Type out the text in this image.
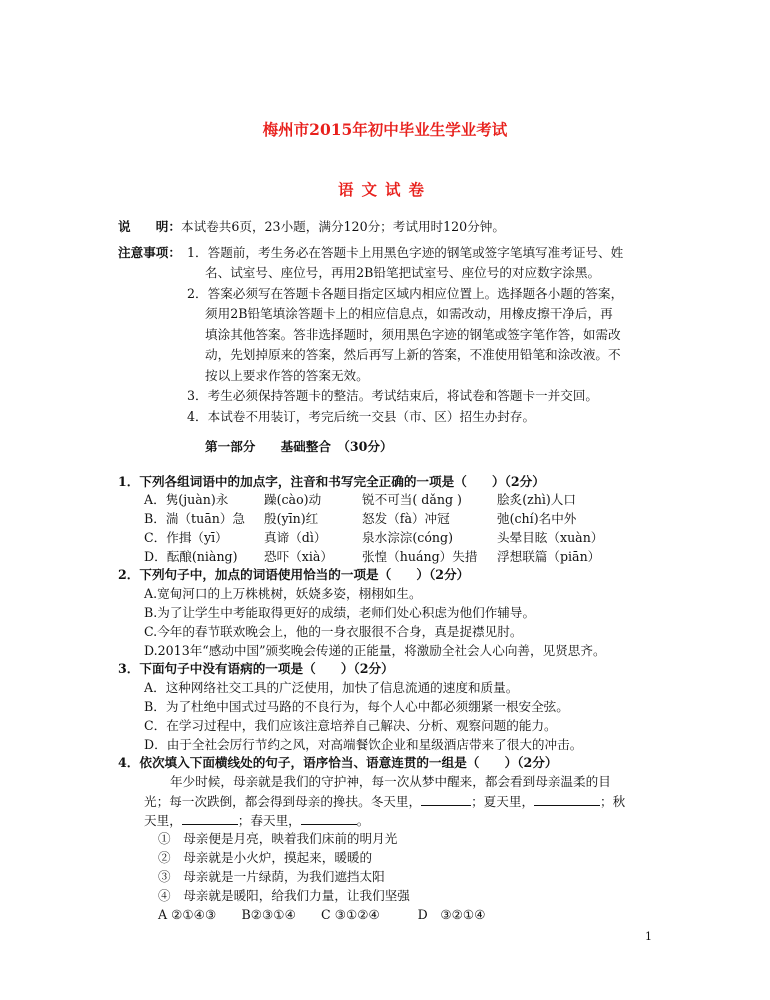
梅州市2015年初中毕业生学业考试
语文试卷
说　　明：本试卷共6页，23小题，满分120分；考试用时120分钟。
注意事项： 1．答题前，考生务必在答题卡上用黑色字迹的钢笔或签字笔填写准考证号、姓
名、试室号、座位号，再用2B铅笔把试室号、座位号的对应数字涂黑。
2．答案必须写在答题卡各题目指定区域内相应位置上。选择题各小题的答案，
须用2B铅笔填涂答题卡上的相应信息点，如需改动，用橡皮擦干净后，再
填涂其他答案。答非选择题时，须用黑色字迹的钢笔或签字笔作答，如需改
动，先划掉原来的答案，然后再写上新的答案，不准使用铅笔和涂改液。不
按以上要求作答的答案无效。
3．考生必须保持答题卡的整洁。考试结束后，将试卷和答题卡一并交回。
4．本试卷不用装订，考完后统一交县（市、区）招生办封存。
第一部分　　基础整合　（30分）
1．下列各组词语中的加点字，注音和书写完全正确的一项是（　　）（2分）
A．隽(juàn)永	躁(cào)动	锐不可当( dǎng )	脍炙(zhì)人口
B．湍（tuān）急 殷(yīn)红	怒发（fà）冲冠	弛(chí)名中外
C．作揖（yī）	真谛（dì）	泉水淙淙(cóng)	头晕目眩（xuàn）
D．酝酿(niàng) 恐吓（xià） 张惶（huáng）失措 浮想联篇（piān）
2．下列句子中，加点的词语使用恰当的一项是（　　）（2分）
A.宽甸河口的上万株桃树，妖娆多姿，栩栩如生。
B.为了让学生中考能取得更好的成绩，老师们处心积虑为他们作辅导。
C.今年的春节联欢晚会上，他的一身衣服很不合身，真是捉襟见肘。
D.2013年“感动中国”颁奖晚会传递的正能量，将激励全社会人心向善，见贤思齐。
3．下面句子中没有语病的一项是（　　）（2分）
A．这种网络社交工具的广泛使用，加快了信息流通的速度和质量。
B．为了杜绝中国式过马路的不良行为，每个人心中都必须绷紧一根安全弦。
C．在学习过程中，我们应该注意培养自己解决、分析、观察问题的能力。
D．由于全社会厉行节约之风，对高端餐饮企业和星级酒店带来了很大的冲击。
4．依次填入下面横线处的句子，语序恰当、语意连贯的一组是（　　）（2分）
年少时候，母亲就是我们的守护神，每一次从梦中醒来，都会看到母亲温柔的目
光；每一次跌倒，都会得到母亲的搀扶。冬天里，	；夏天里，	；秋
天里，	；春天里，	。
①　母亲便是月亮，映着我们床前的明月光
②　母亲就是小火炉，摸起来，暖暖的
③　母亲就是一片绿荫，为我们遮挡太阳
④　母亲就是暖阳，给我们力量，让我们坚强
A ②①④③　　B②③①④　　C ③①②④　　　D　③②①④
1
